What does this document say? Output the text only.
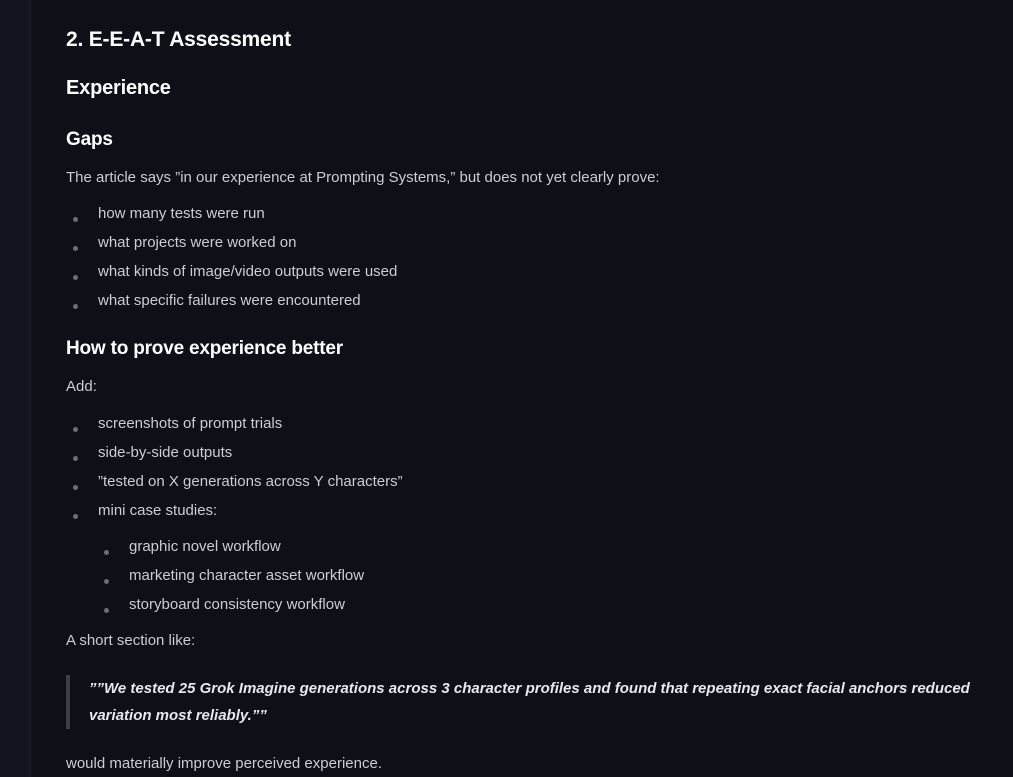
2. E-E-A-T Assessment
Experience
Gaps

The article says ”in our experience at Prompting Systems,” but does not yet clearly prove:

how many tests were run
what projects were worked on
what kinds of image/video outputs were used
what specific failures were encountered
How to prove experience better

Add:

screenshots of prompt trials
side-by-side outputs
”tested on X generations across Y characters”
mini case studies:
graphic novel workflow
marketing character asset workflow
storyboard consistency workflow

A short section like:

””We tested 25 Grok Imagine generations across 3 character profiles and found that repeating exact facial anchors reduced variation most reliably.””

would materially improve perceived experience.
